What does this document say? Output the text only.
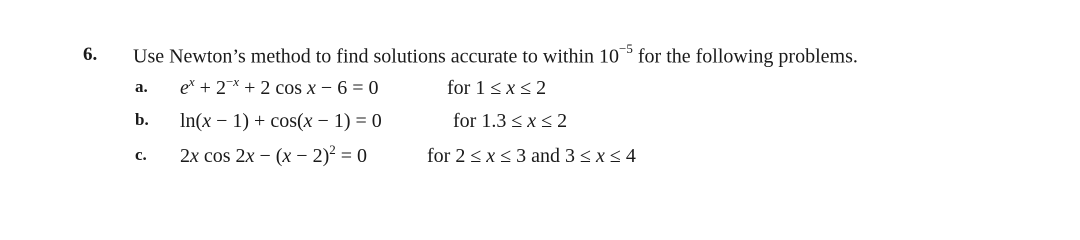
6. Use Newton’s method to find solutions accurate to within $10^{-5}$ for the following problems.
a. $e^x + 2^{-x} + 2$ cos x − 6 = 0	for 1 ≤ x ≤ 2
b. ln(x − 1) + cos(x − 1) = 0	for 1.3 ≤ x ≤ 2
c. 2x $\cos 2x - (x - 2)^2 = 0$	for 2 ≤ x ≤ 3 and 3 ≤ x ≤ 4
